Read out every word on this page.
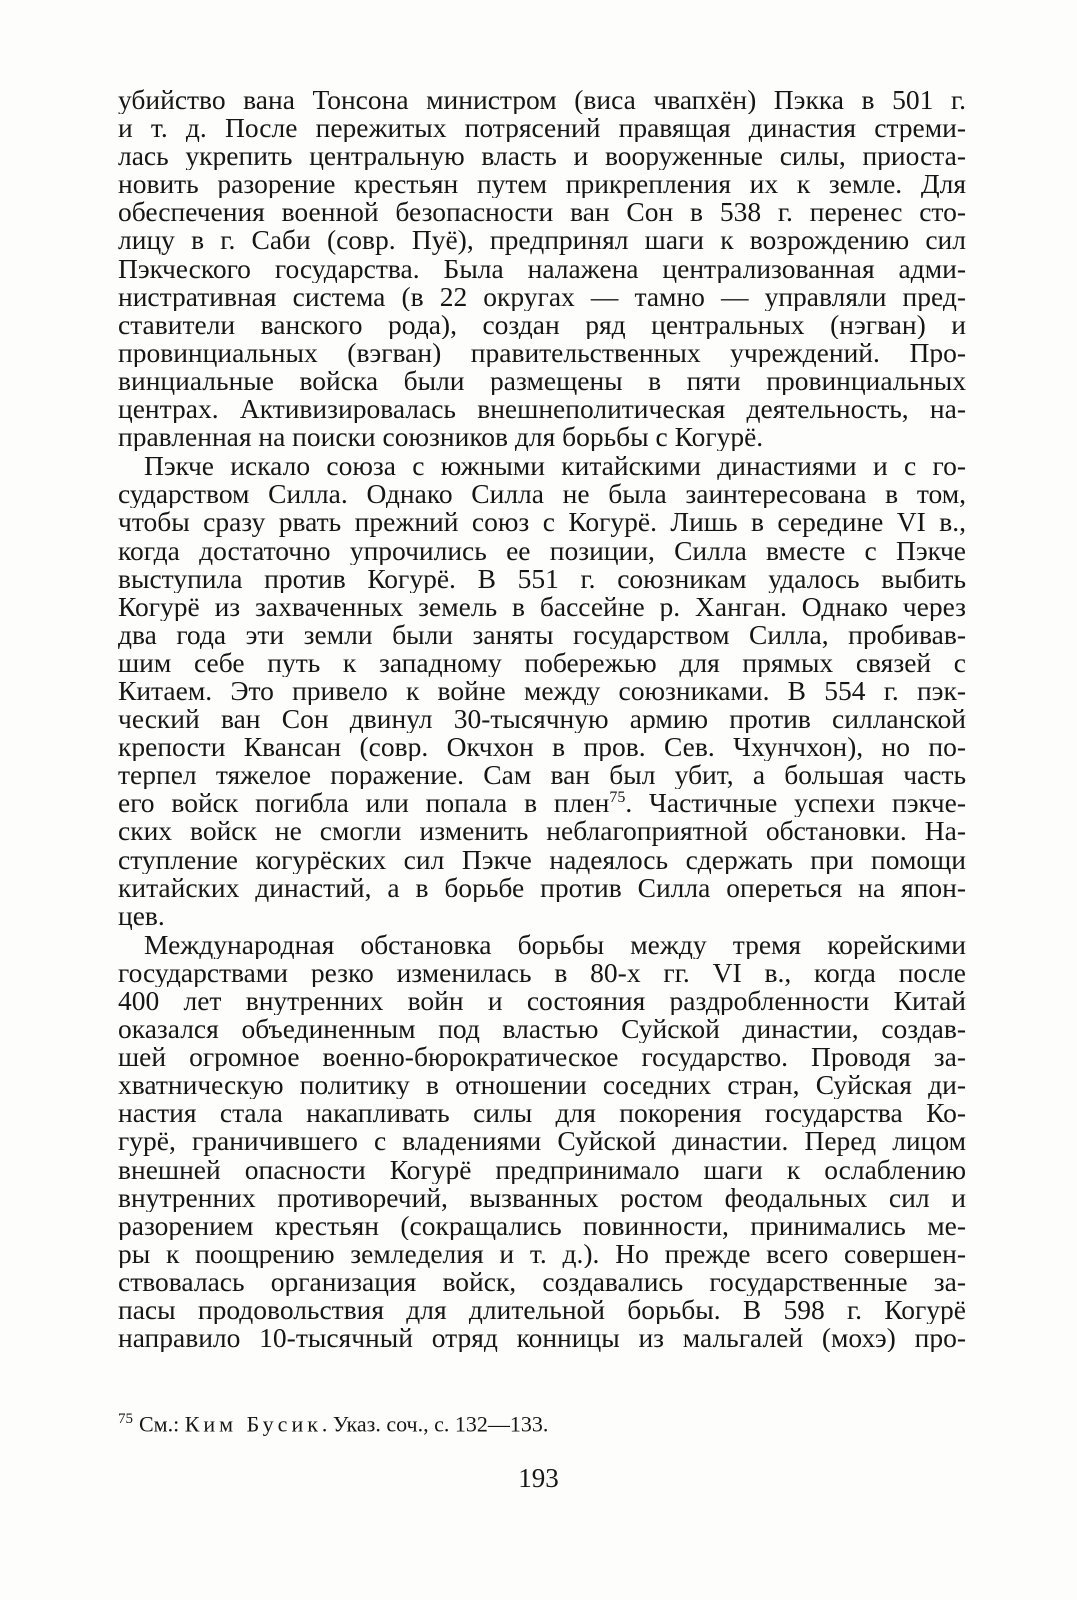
убийство вана Тонсона министром (виса чвапхён) Пэкка в 501 г.
и т. д. После пережитых потрясений правящая династия стреми-
лась укрепить центральную власть и вооруженные силы, приоста-
новить разорение крестьян путем прикрепления их к земле. Для
обеспечения военной безопасности ван Сон в 538 г. перенес сто-
лицу в г. Саби (совр. Пуё), предпринял шаги к возрождению сил
Пэкческого государства. Была налажена централизованная адми-
нистративная система (в 22 округах — тамно — управляли пред-
ставители ванского рода), создан ряд центральных (нэгван) и
провинциальных (вэгван) правительственных учреждений. Про-
винциальные войска были размещены в пяти провинциальных
центрах. Активизировалась внешнеполитическая деятельность, на-
правленная на поиски союзников для борьбы с Когурё.
Пэкче искало союза с южными китайскими династиями и с го-
сударством Силла. Однако Силла не была заинтересована в том,
чтобы сразу рвать прежний союз с Когурё. Лишь в середине VI в.,
когда достаточно упрочились ее позиции, Силла вместе с Пэкче
выступила против Когурё. В 551 г. союзникам удалось выбить
Когурё из захваченных земель в бассейне р. Ханган. Однако через
два года эти земли были заняты государством Силла, пробивав-
шим себе путь к западному побережью для прямых связей с
Китаем. Это привело к войне между союзниками. В 554 г. пэк-
ческий ван Сон двинул 30-тысячную армию против силланской
крепости Квансан (совр. Окчхон в пров. Сев. Чхунчхон), но по-
терпел тяжелое поражение. Сам ван был убит, а большая часть
его войск погибла или попала в плен$^{75}$. Частичные успехи пэкче-
ских войск не смогли изменить неблагоприятной обстановки. На-
ступление когурёских сил Пэкче надеялось сдержать при помощи
китайских династий, а в борьбе против Силла опереться на япон-
цев.
Международная обстановка борьбы между тремя корейскими
государствами резко изменилась в 80-х гг. VI в., когда после
400 лет внутренних войн и состояния раздробленности Китай
оказался объединенным под властью Суйской династии, создав-
шей огромное военно-бюрократическое государство. Проводя за-
хватническую политику в отношении соседних стран, Суйская ди-
настия стала накапливать силы для покорения государства Ко-
гурё, граничившего с владениями Суйской династии. Перед лицом
внешней опасности Когурё предпринимало шаги к ослаблению
внутренних противоречий, вызванных ростом феодальных сил и
разорением крестьян (сокращались повинности, принимались ме-
ры к поощрению земледелия и т. д.). Но прежде всего совершен-
ствовалась организация войск, создавались государственные за-
пасы продовольствия для длительной борьбы. В 598 г. Когурё
направило 10-тысячный отряд конницы из мальгалей (мохэ) про-
$^{75}$ См.: Ким Бусик. Указ. соч., с. 132—133.
193
